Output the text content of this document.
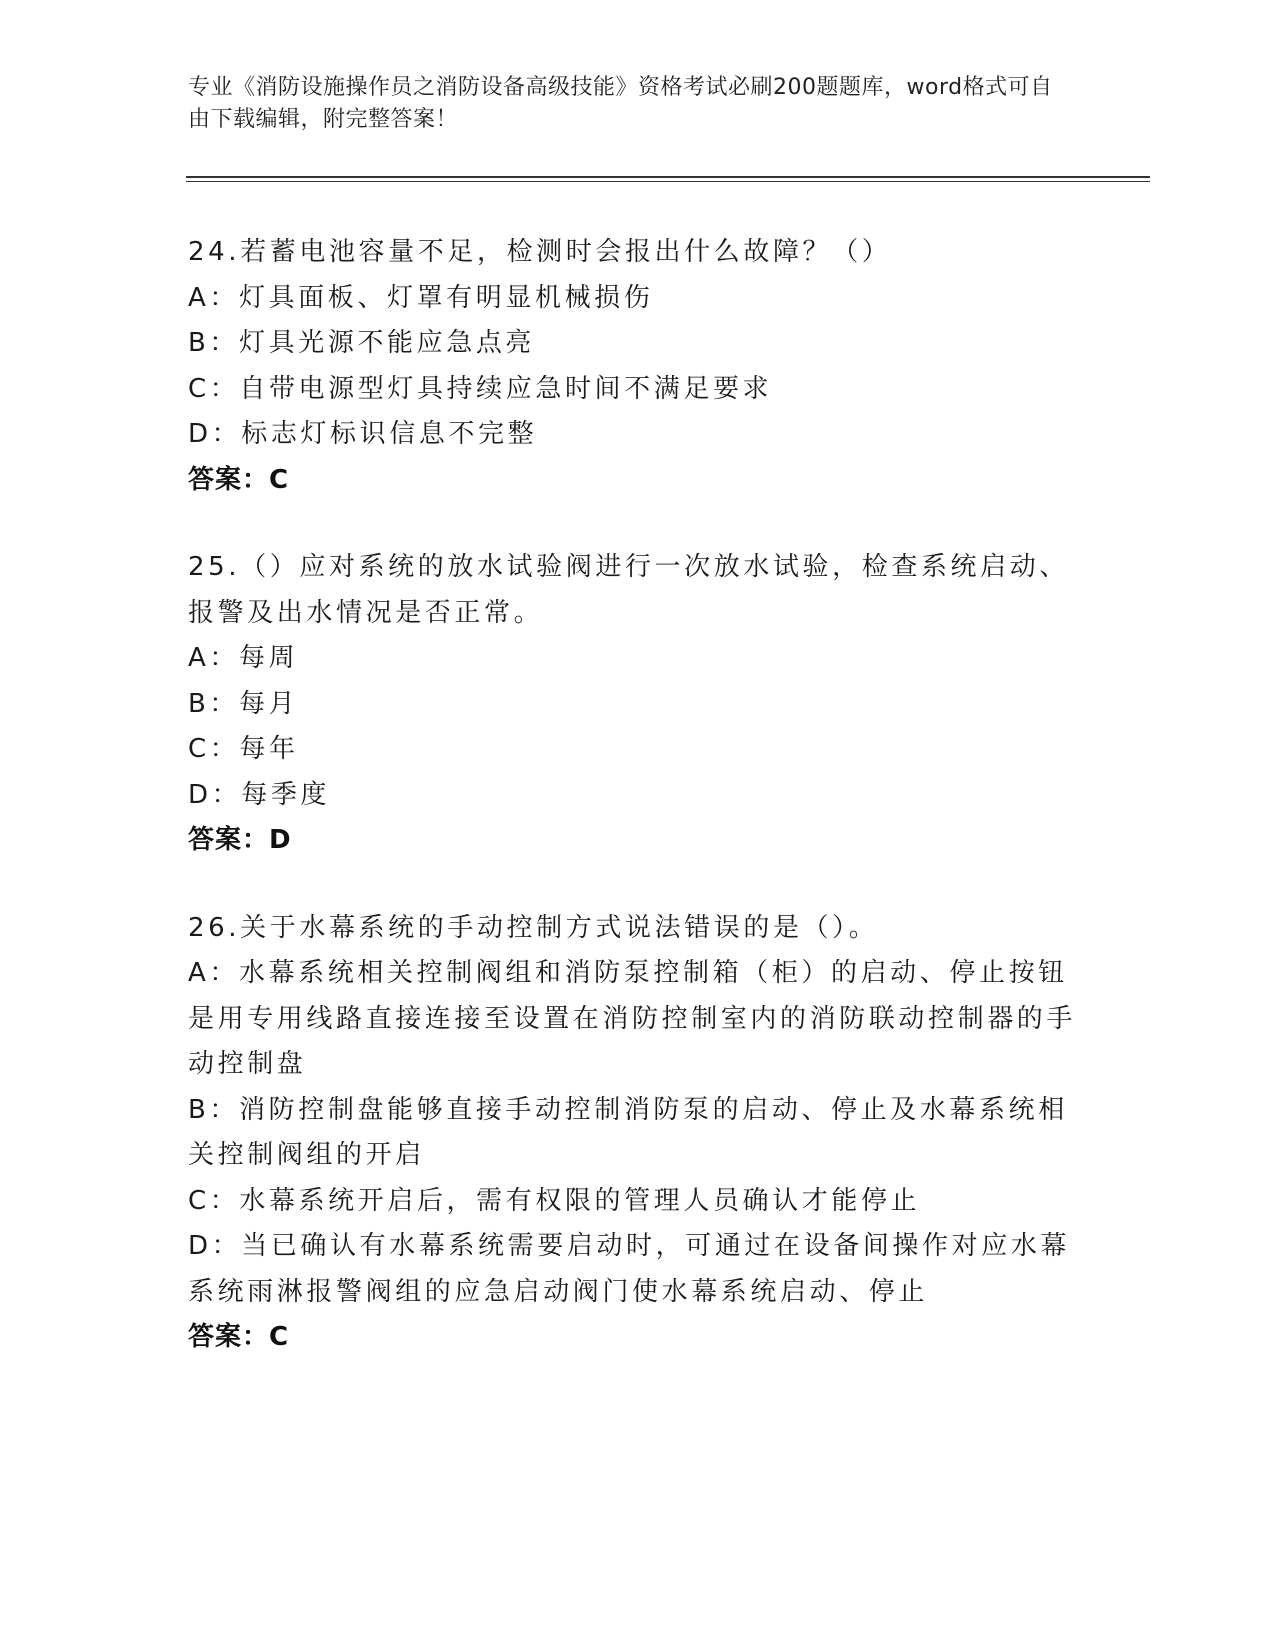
专业《消防设施操作员之消防设备高级技能》资格考试必刷200题题库，word格式可自由下载编辑，附完整答案！
24.若蓄电池容量不足，检测时会报出什么故障？（）
A：灯具面板、灯罩有明显机械损伤
B：灯具光源不能应急点亮
C：自带电源型灯具持续应急时间不满足要求
D：标志灯标识信息不完整
答案：C
25.（）应对系统的放水试验阀进行一次放水试验，检查系统启动、报警及出水情况是否正常。
A：每周
B：每月
C：每年
D：每季度
答案：D
26.关于水幕系统的手动控制方式说法错误的是（）。
A：水幕系统相关控制阀组和消防泵控制箱（柜）的启动、停止按钮是用专用线路直接连接至设置在消防控制室内的消防联动控制器的手动控制盘
B：消防控制盘能够直接手动控制消防泵的启动、停止及水幕系统相关控制阀组的开启
C：水幕系统开启后，需有权限的管理人员确认才能停止
D：当已确认有水幕系统需要启动时，可通过在设备间操作对应水幕系统雨淋报警阀组的应急启动阀门使水幕系统启动、停止
答案：C
